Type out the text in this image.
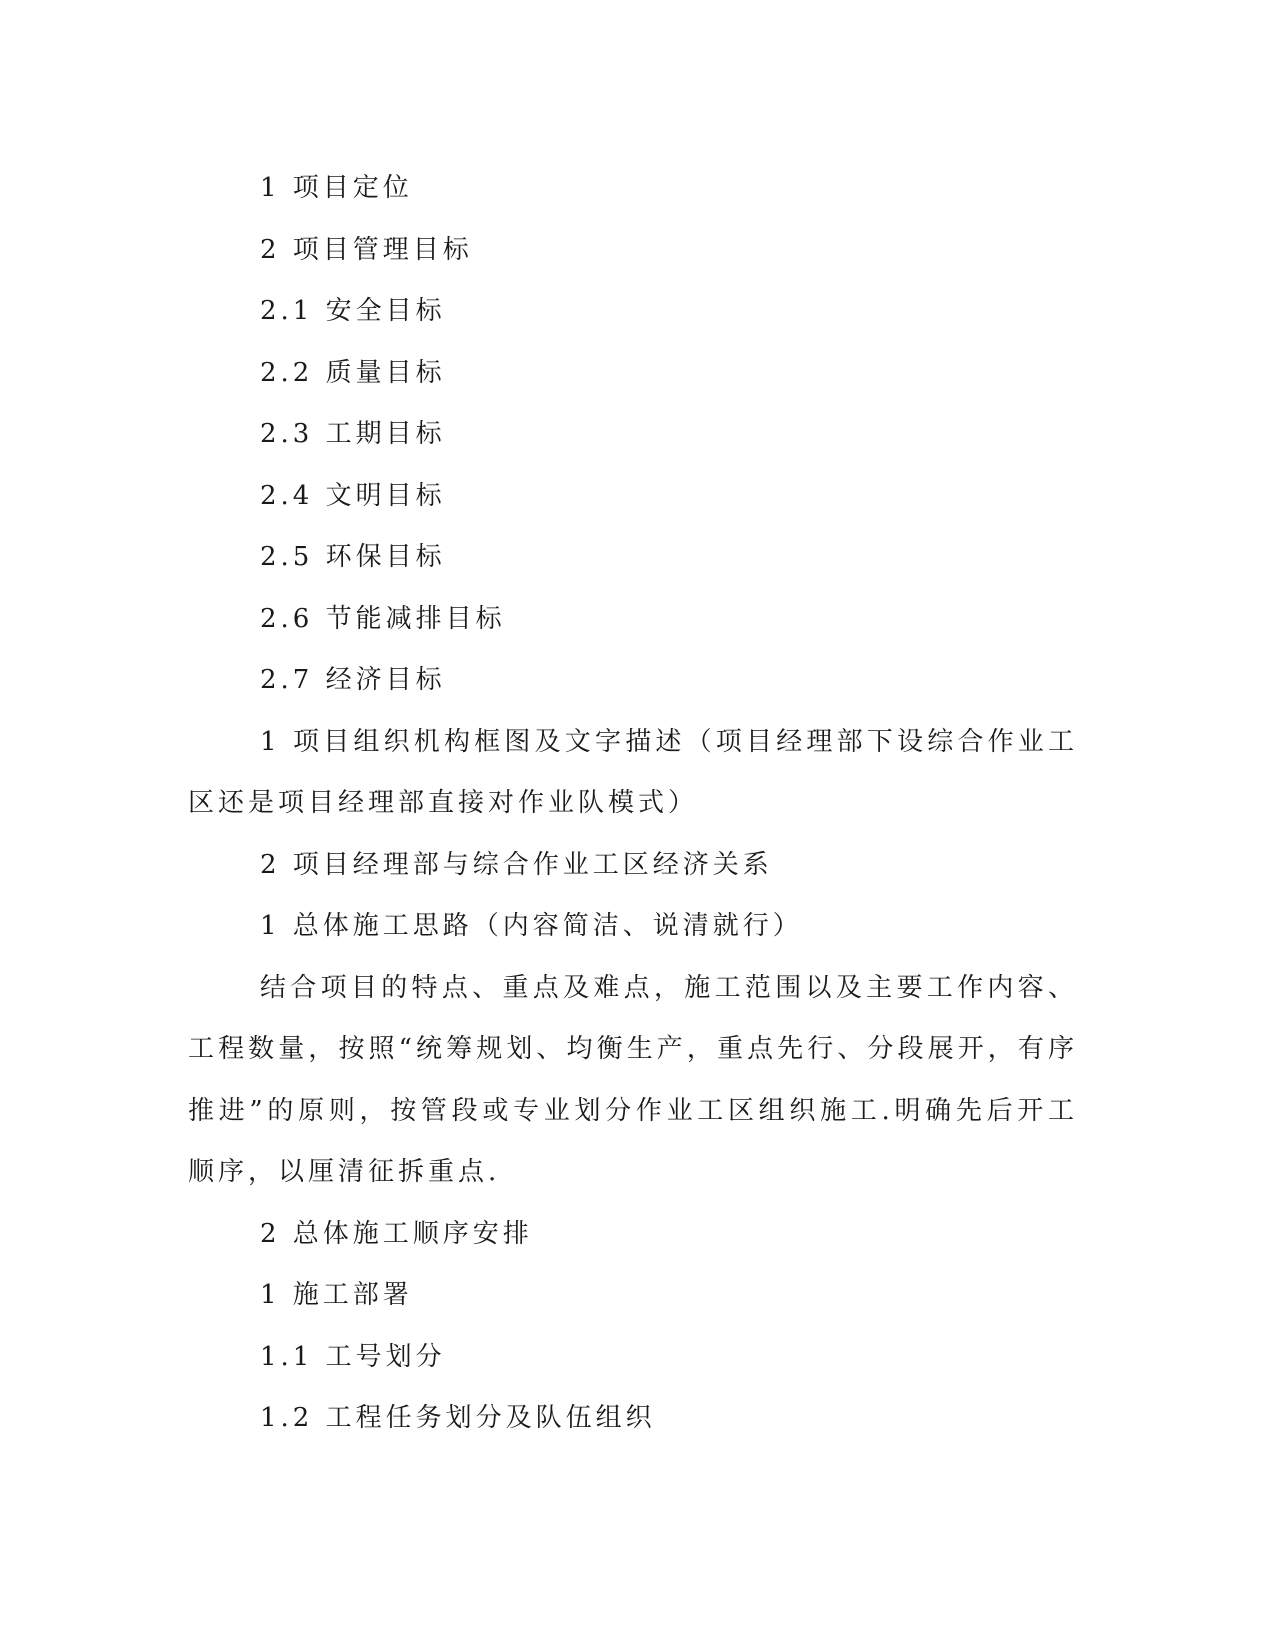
1 项目定位

2 项目管理目标

2.1 安全目标

2.2 质量目标

2.3 工期目标

2.4 文明目标

2.5 环保目标

2.6 节能减排目标

2.7 经济目标

1 项目组织机构框图及文字描述（项目经理部下设综合作业工区还是项目经理部直接对作业队模式）

2 项目经理部与综合作业工区经济关系

1 总体施工思路（内容简洁、说清就行）

结合项目的特点、重点及难点，施工范围以及主要工作内容、工程数量，按照“统筹规划、均衡生产，重点先行、分段展开，有序推进”的原则，按管段或专业划分作业工区组织施工.明确先后开工顺序，以厘清征拆重点.

2 总体施工顺序安排

1 施工部署

1.1 工号划分

1.2 工程任务划分及队伍组织
